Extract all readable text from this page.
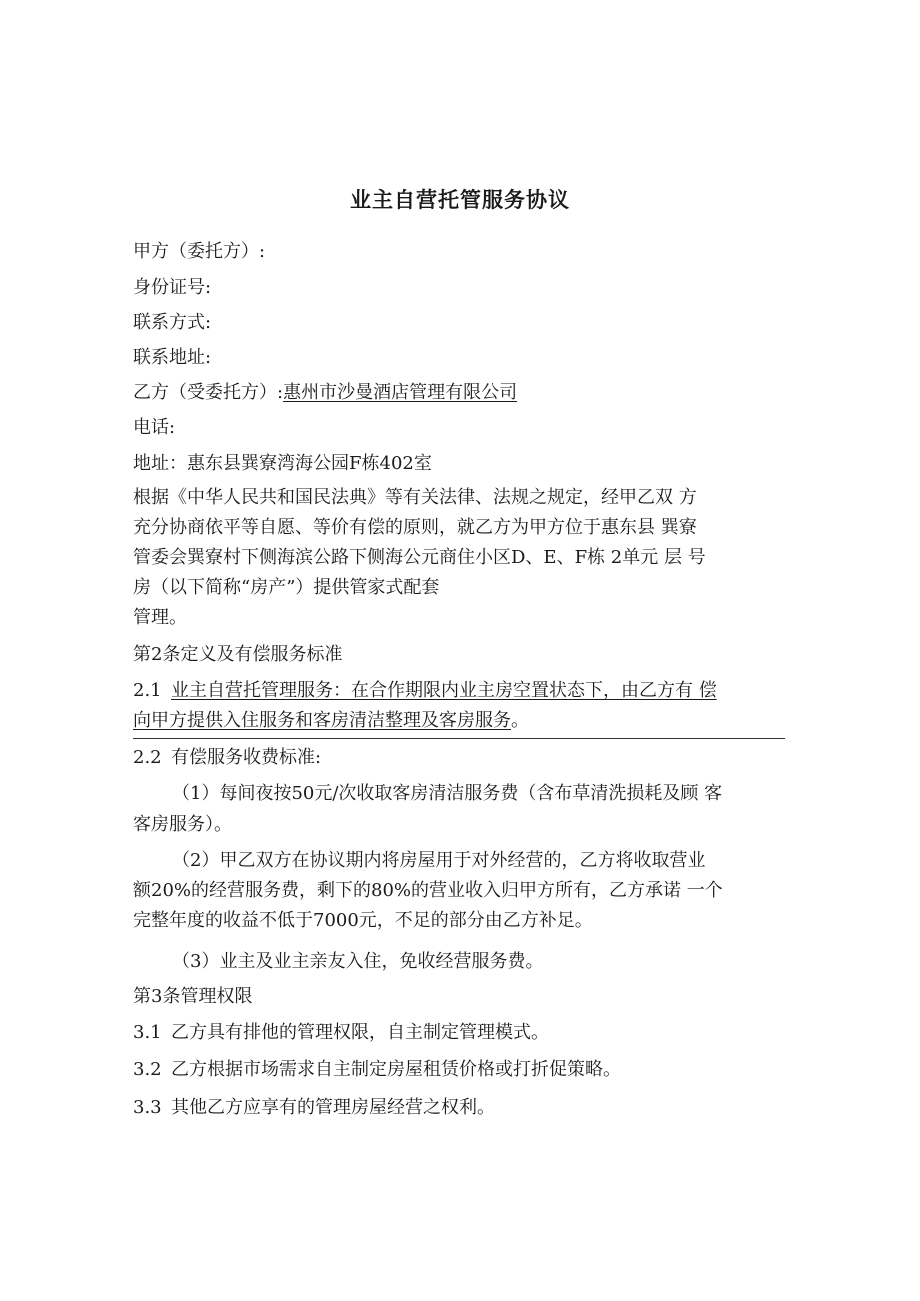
业主自营托管服务协议
甲方（委托方）:
身份证号:
联系方式:
联系地址:
乙方（受委托方）:惠州市沙曼酒店管理有限公司
电话:
地址：惠东县巽寮湾海公园F栋402室
根据《中华人民共和国民法典》等有关法律、法规之规定，经甲乙双 方
充分协商依平等自愿、等价有偿的原则，就乙方为甲方位于惠东县 巽寮
管委会巽寮村下侧海滨公路下侧海公元商住小区D、E、F栋 2单元 层 号
房（以下简称“房产”）提供管家式配套
管理。
第2条定义及有偿服务标准
2.1 业主自营托管理服务：在合作期限内业主房空置状态下，由乙方有 偿
向甲方提供入住服务和客房清洁整理及客房服务。
2.2 有偿服务收费标准:
（1）每间夜按50元/次收取客房清洁服务费（含布草清洗损耗及顾 客
客房服务）。
（2）甲乙双方在协议期内将房屋用于对外经营的，乙方将收取营业
额20%的经营服务费，剩下的80%的营业收入归甲方所有，乙方承诺 一个
完整年度的收益不低于7000元，不足的部分由乙方补足。
（3）业主及业主亲友入住，免收经营服务费。
第3条管理权限
3.1 乙方具有排他的管理权限，自主制定管理模式。
3.2 乙方根据市场需求自主制定房屋租赁价格或打折促策略。
3.3 其他乙方应享有的管理房屋经营之权利。
